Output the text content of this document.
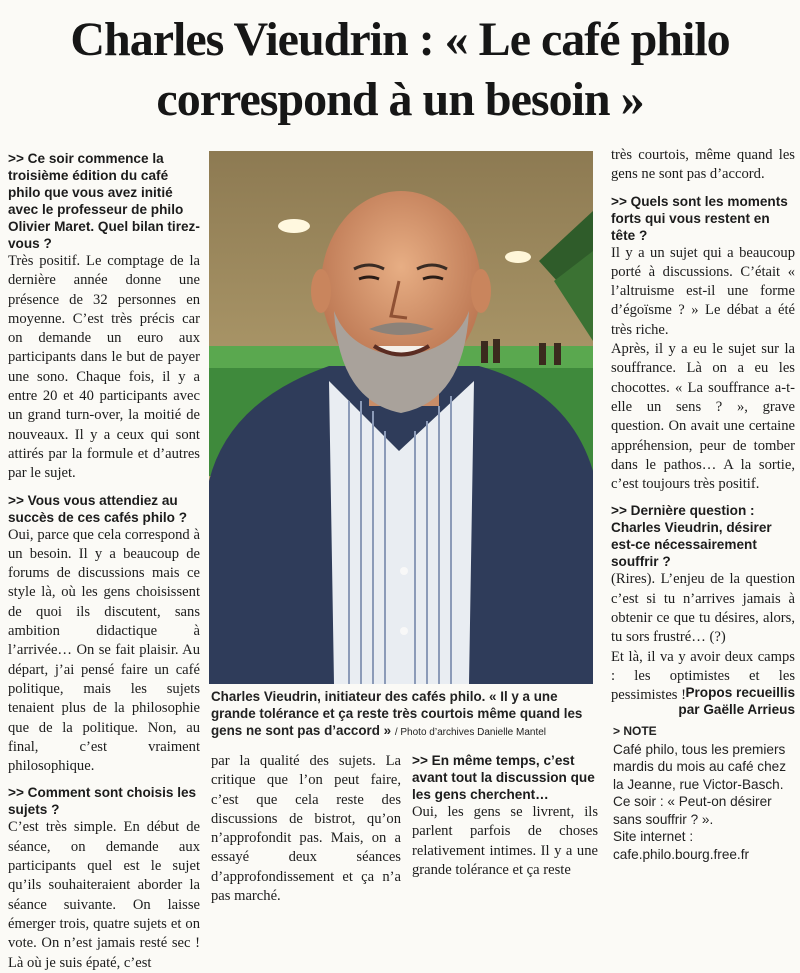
Charles Vieudrin : « Le café philo
correspond à un besoin »

>> Ce soir commence la troisième édition du café philo que vous avez initié avec le professeur de philo Olivier Maret. Quel bilan tirez-vous ?

Très positif. Le comptage de la dernière année donne une présence de 32 personnes en moyenne. C’est très précis car on demande un euro aux participants dans le but de payer une sono. Chaque fois, il y a entre 20 et 40 participants avec un grand turn-over, la moitié de nouveaux. Il y a ceux qui sont attirés par la formule et d’autres par le sujet.

>> Vous vous attendiez au succès de ces cafés philo ?

Oui, parce que cela correspond à un besoin. Il y a beaucoup de forums de discussions mais ce style là, où les gens choisissent de quoi ils discutent, sans ambition didactique à l’arrivée… On se fait plaisir. Au départ, j’ai pensé faire un café politique, mais les sujets tenaient plus de la philosophie que de la politique. Non, au final, c’est vraiment philosophique.

>> Comment sont choisis les sujets ?

C’est très simple. En début de séance, on demande aux participants quel est le sujet qu’ils souhaiteraient aborder la séance suivante. On laisse émerger trois, quatre sujets et on vote. On n’est jamais resté sec ! Là où je suis épaté, c’est

Charles Vieudrin, initiateur des cafés philo. « Il y a une grande tolérance et ça reste très courtois même quand les gens ne sont pas d’accord » / Photo d’archives Danielle Mantel

par la qualité des sujets. La critique que l’on peut faire, c’est que cela reste des discussions de bistrot, qu’on n’approfondit pas. Mais, on a essayé deux séances d’approfondissement et ça n’a pas marché.

>> En même temps, c’est avant tout la discussion que les gens cherchent…

Oui, les gens se livrent, ils parlent parfois de choses relativement intimes. Il y a une grande tolérance et ça reste

très courtois, même quand les gens ne sont pas d’accord.

>> Quels sont les moments forts qui vous restent en tête ?

Il y a un sujet qui a beaucoup porté à discussions. C’était « l’altruisme est-il une forme d’égoïsme ? » Le débat a été très riche.

Après, il y a eu le sujet sur la souffrance. Là on a eu les chocottes. « La souffrance a-t-elle un sens ? », grave question. On avait une certaine appréhension, peur de tomber dans le pathos… A la sortie, c’est toujours très positif.

>> Dernière question : Charles Vieudrin, désirer est-ce nécessairement souffrir ?

(Rires). L’enjeu de la question c’est si tu n’arrives jamais à obtenir ce que tu désires, alors, tu sors frustré… (?)

Et là, il va y avoir deux camps : les optimistes et les pessimistes ! Propos recueillis
par Gaëlle Arrieus
> NOTE
Café philo, tous les premiers mardis du mois au café chez la Jeanne, rue Victor-Basch.
Ce soir : « Peut-on désirer sans souffrir ? ».
Site internet : cafe.philo.bourg.free.fr
